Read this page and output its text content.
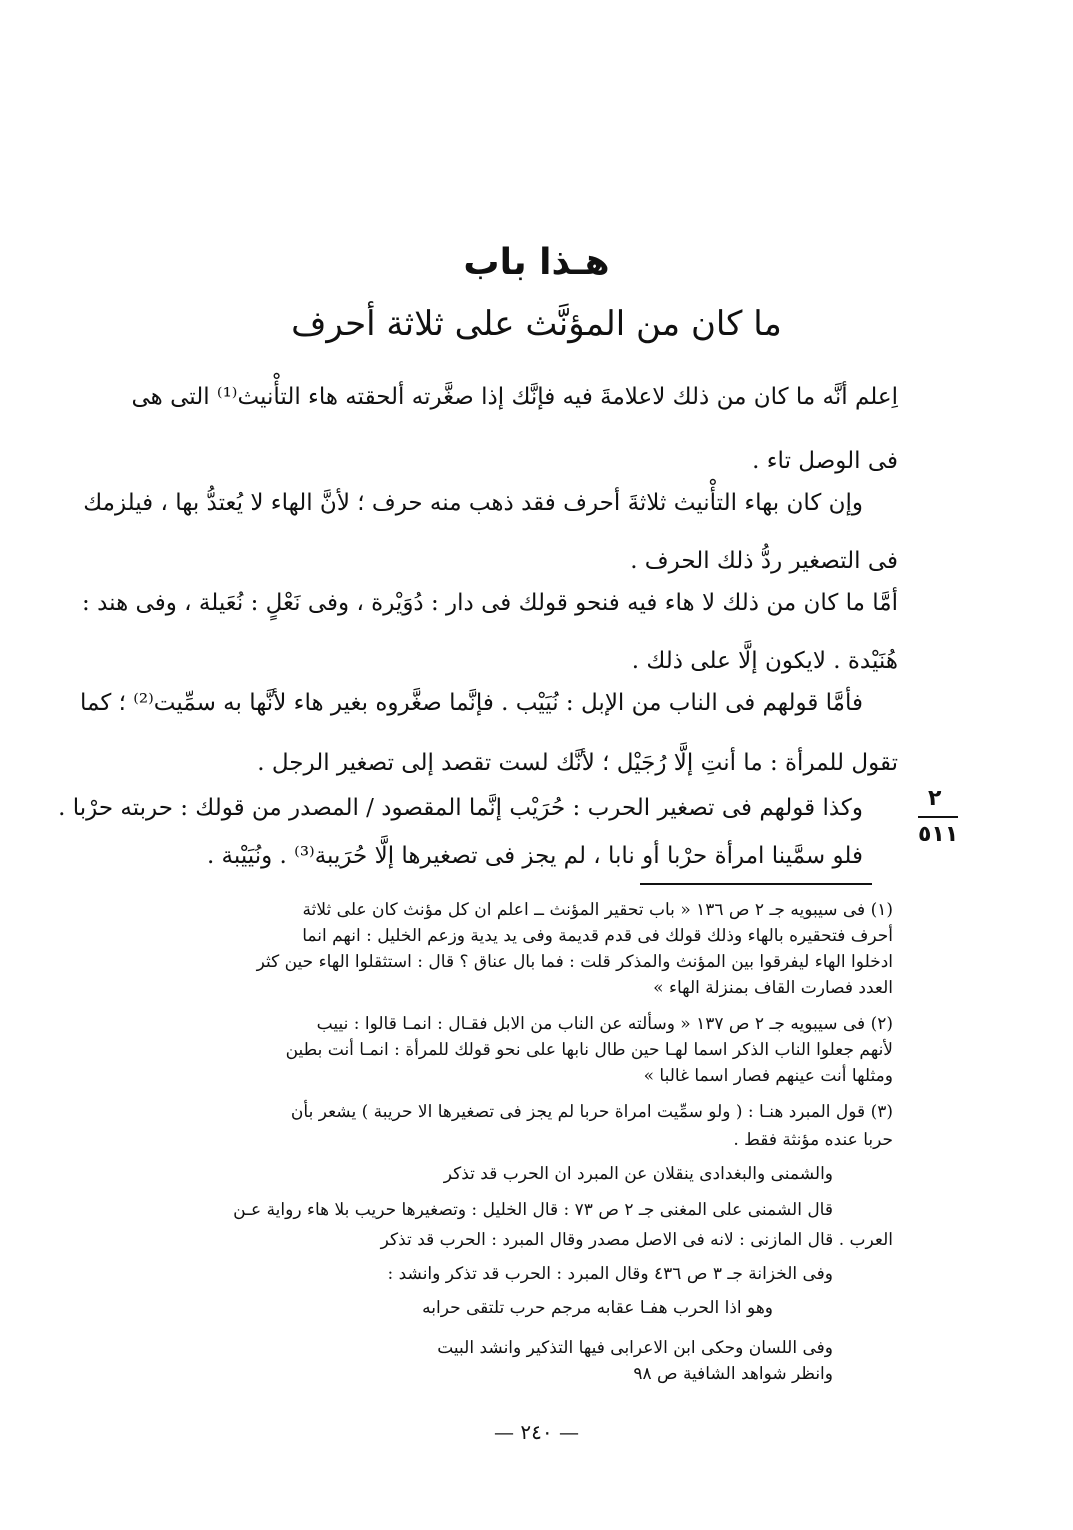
هـذا باب
ما كان من المؤنَّث على ثلاثة أحرف
اِعلم أنَّه ما كان من ذلك لاعلامةَ فيه فإنَّك إذا صغَّرته ألحقته هاء التأْنيث⁽¹⁾ التى هى
فى الوصل تاء .
وإن كان بهاء التأْنيث ثلاثةَ أحرف فقد ذهب منه حرف ؛ لأنَّ الهاء لا يُعتدُّ بها ، فيلزمك
فى التصغير ردُّ ذلك الحرف .
أمَّا ما كان من ذلك لا هاء فيه فنحو قولك فى دار : دُوَيْرة ، وفى نَعْلٍ : نُعَيلة ، وفى هند :
هُنَيْدة . لايكون إلَّا على ذلك .
فأمَّا قولهم فى الناب من الإبل : نُيَيْب . فإنَّما صغَّروه بغير هاء لأنَّها به سمِّيت⁽²⁾ ؛ كما
تقول للمرأة : ما أنتِ إلَّا رُجَيْل ؛ لأنَّك لست تقصد إلى تصغير الرجل .
وكذا قولهم فى تصغير الحرب : حُرَيْب إنَّما المقصود / المصدر من قولك : حربته حرْبا .
فلو سمَّينا امرأة حرْبا أو نابا ، لم يجز فى تصغيرها إلَّا حُرَيبة⁽³⁾ . ونُيَيْبة .
٢
٥١١
(١) فى سيبويه جـ ٢ ص ١٣٦ « باب تحقير المؤنث ــ اعلم ان كل مؤنث كان على ثلاثة
أحرف فتحقيره بالهاء وذلك قولك فى قدم قديمة وفى يد يدية وزعم الخليل : انهم انما
ادخلوا الهاء ليفرقوا بين المؤنث والمذكر قلت : فما بال عناق ؟ قال : استثقلوا الهاء حين كثر
العدد فصارت القاف بمنزلة الهاء »
(٢) فى سيبويه جـ ٢ ص ١٣٧ « وسألته عن الناب من الابل فقـال : انمـا قالوا : نييب
لأنهم جعلوا الناب الذكر اسما لهـا حين طال نابها على نحو قولك للمرأة : انمـا أنت بطين
ومثلها أنت عينهم فصار اسما غالبا »
(٣) قول المبرد هنـا : ( ولو سمِّيت امراة حربا لم يجز فى تصغيرها الا حريبة ) يشعر بأن
حربا عنده مؤنثة فقط .
والشمنى والبغدادى ينقلان عن المبرد ان الحرب قد تذكر
قال الشمنى على المغنى جـ ٢ ص ٧٣ : قال الخليل : وتصغيرها حريب بلا هاء رواية عـن
العرب . قال المازنى : لانه فى الاصل مصدر وقال المبرد : الحرب قد تذكر
وفى الخزانة جـ ٣ ص ٤٣٦ وقال المبرد : الحرب قد تذكر وانشد :
وهو اذا الحرب هفـا عقابه مرجم حرب تلتقى حرابه
وفى اللسان وحكى ابن الاعرابى فيها التذكير وانشد البيت
وانظر شواهد الشافية ص ٩٨
— ٢٤٠ —
